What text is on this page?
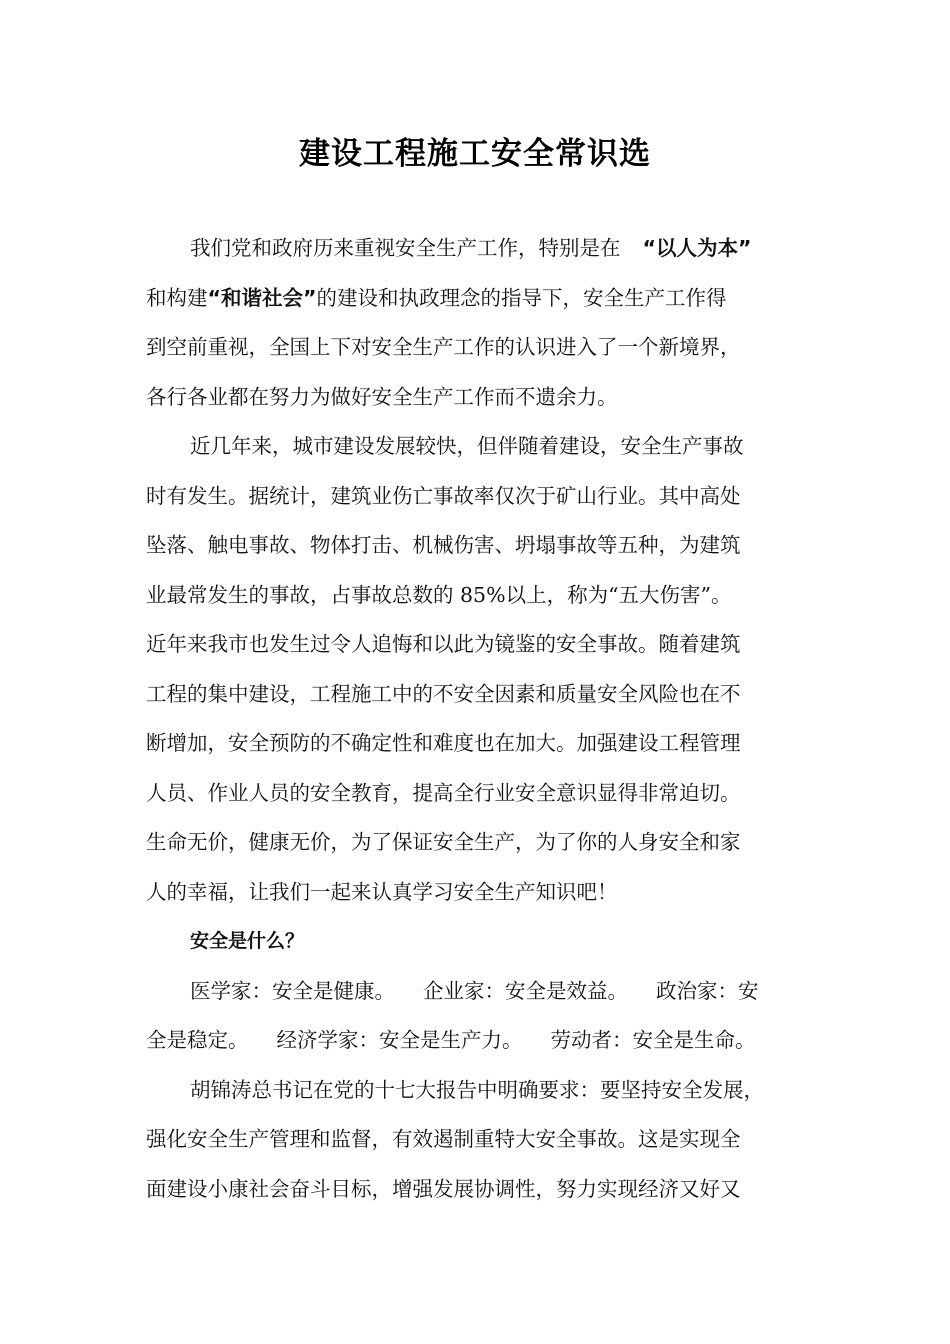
建设工程施工安全常识选
我们党和政府历来重视安全生产工作，特别是在 “以人为本”
和构建“和谐社会”的建设和执政理念的指导下，安全生产工作得
到空前重视，全国上下对安全生产工作的认识进入了一个新境界，
各行各业都在努力为做好安全生产工作而不遗余力。
近几年来，城市建设发展较快，但伴随着建设，安全生产事故
时有发生。据统计，建筑业伤亡事故率仅次于矿山行业。其中高处
坠落、触电事故、物体打击、机械伤害、坍塌事故等五种，为建筑
业最常发生的事故，占事故总数的 85%以上，称为“五大伤害”。
近年来我市也发生过令人追悔和以此为镜鉴的安全事故。随着建筑
工程的集中建设，工程施工中的不安全因素和质量安全风险也在不
断增加，安全预防的不确定性和难度也在加大。加强建设工程管理
人员、作业人员的安全教育，提高全行业安全意识显得非常迫切。
生命无价，健康无价，为了保证安全生产，为了你的人身安全和家
人的幸福，让我们一起来认真学习安全生产知识吧！
安全是什么？
医学家：安全是健康。 企业家：安全是效益。 政治家：安
全是稳定。 经济学家：安全是生产力。 劳动者：安全是生命。
胡锦涛总书记在党的十七大报告中明确要求：要坚持安全发展，
强化安全生产管理和监督，有效遏制重特大安全事故。这是实现全
面建设小康社会奋斗目标，增强发展协调性，努力实现经济又好又
